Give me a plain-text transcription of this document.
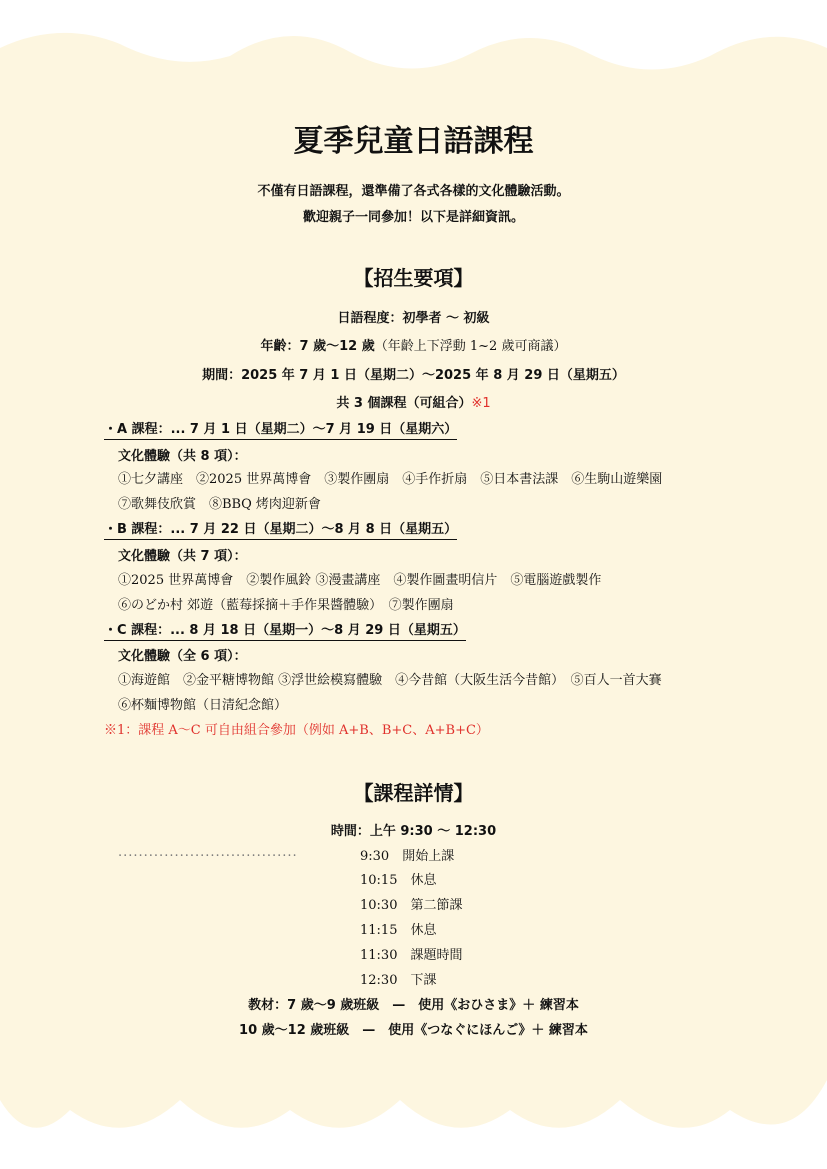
夏季兒童日語課程
不僅有日語課程，還準備了各式各樣的文化體驗活動。
歡迎親子一同參加！以下是詳細資訊。
【招生要項】
日語程度：初學者 ～ 初級
年齡：7 歲〜12 歲（年齡上下浮動 1~2 歲可商議）
期間：2025 年 7 月 1 日（星期二）〜2025 年 8 月 29 日（星期五）
共 3 個課程（可組合）※1
・A 課程：... 7 月 1 日（星期二）〜7 月 19 日（星期六）
文化體驗（共 8 項）：
①七夕講座　②2025 世界萬博會　③製作團扇　④手作折扇　⑤日本書法課　⑥生駒山遊樂園
⑦歌舞伎欣賞　⑧BBQ 烤肉迎新會
・B 課程：... 7 月 22 日（星期二）〜8 月 8 日（星期五）
文化體驗（共 7 項）：
①2025 世界萬博會　②製作風鈴 ③漫畫講座　④製作圖畫明信片　⑤電腦遊戲製作
⑥のどか村 郊遊（藍莓採摘＋手作果醬體驗）　⑦製作團扇
・C 課程：... 8 月 18 日（星期一）〜8 月 29 日（星期五）
文化體驗（全 6 項）：
①海遊館　②金平糖博物館 ③浮世絵模寫體驗　④今昔館（大阪生活今昔館）　⑤百人一首大賽
⑥杯麵博物館（日清紀念館）
※1：課程 A〜C 可自由組合參加（例如 A+B、B+C、A+B+C）
【課程詳情】
時間：上午 9:30 ～ 12:30
...................................	9:30　開始上課
10:15　休息
10:30　第二節課
11:15　休息
11:30　課題時間
12:30　下課
教材：7 歲〜9 歲班級　—　使用《おひさま》＋ 練習本
10 歲〜12 歲班級　—　使用《つなぐにほんご》＋ 練習本
